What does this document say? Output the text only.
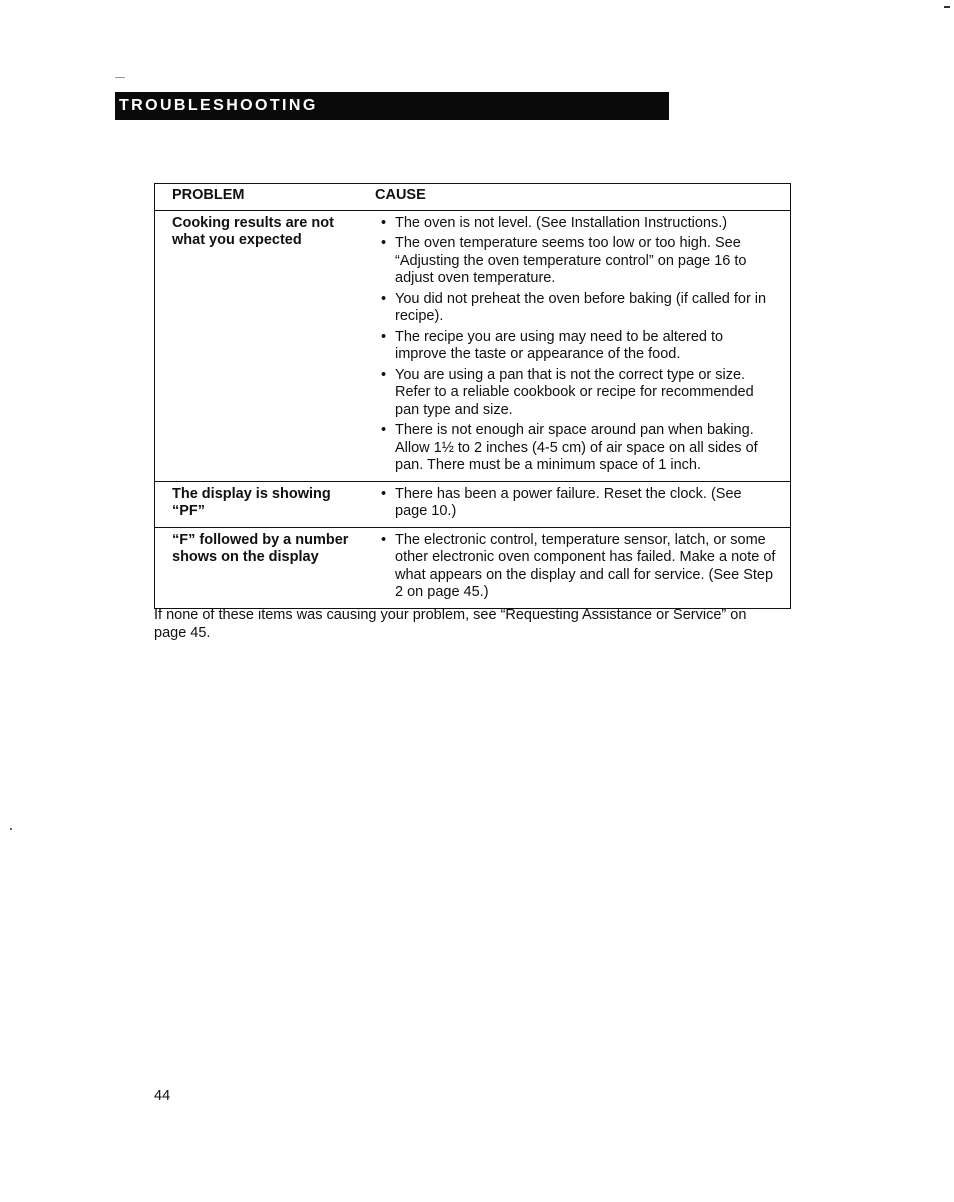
TROUBLESHOOTING
PROBLEM	CAUSE
Cooking results are not what you expected
• The oven is not level. (See Installation Instructions.)
• The oven temperature seems too low or too high. See “Adjusting the oven temperature control” on page 16 to adjust oven temperature.
• You did not preheat the oven before baking (if called for in recipe).
• The recipe you are using may need to be altered to improve the taste or appearance of the food.
• You are using a pan that is not the correct type or size. Refer to a reliable cookbook or recipe for recommended pan type and size.
• There is not enough air space around pan when baking. Allow 1½ to 2 inches (4-5 cm) of air space on all sides of pan. There must be a minimum space of 1 inch.
The display is showing “PF”
• There has been a power failure. Reset the clock. (See page 10.)
“F” followed by a number shows on the display
• The electronic control, temperature sensor, latch, or some other electronic oven component has failed. Make a note of what appears on the display and call for service. (See Step 2 on page 45.)
If none of these items was causing your problem, see “Requesting Assistance or Service” on page 45.
44
